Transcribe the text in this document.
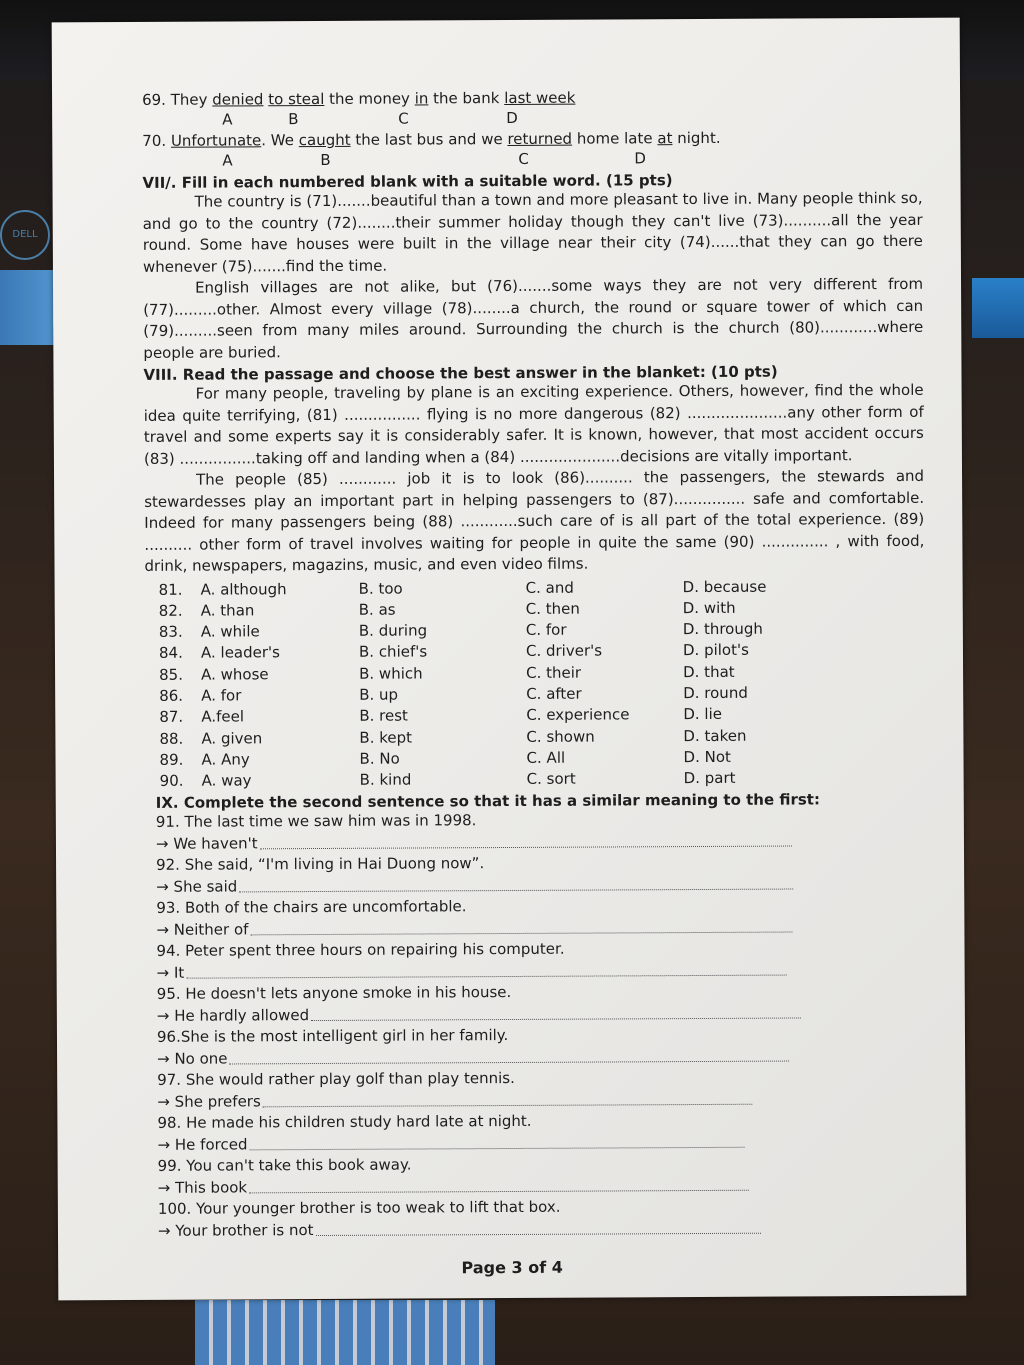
DELL
69. They denied to steal the money in the bank last week
A	B	C	D
70. Unfortunate. We caught the last bus and we returned home late at night.
A	B	C	D
VII/. Fill in each numbered blank with a suitable word. (15 pts)
The country is (71).......beautiful than a town and more pleasant to live in. Many people think so, and go to the country (72)........their summer holiday though they can't live (73)..........all the year round. Some have houses were built in the village near their city (74)......that they can go there whenever (75).......find the time.
English villages are not alike, but (76).......some ways they are not very different from (77).........other. Almost every village (78)........a church, the round or square tower of which can (79).........seen from many miles around. Surrounding the church is the church (80)............where people are buried.
VIII. Read the passage and choose the best answer in the blanket: (10 pts)
For many people, traveling by plane is an exciting experience. Others, however, find the whole idea quite terrifying, (81) ................ flying is no more dangerous (82) .....................any other form of travel and some experts say it is considerably safer. It is known, however, that most accident occurs (83) ................taking off and landing when a (84) .....................decisions are vitally important.
The people (85) ............ job it is to look (86).......... the passengers, the stewards and stewardesses play an important part in helping passengers to (87)............... safe and comfortable. Indeed for many passengers being (88) ............such care of is all part of the total experience. (89) .......... other form of travel involves waiting for people in quite the same (90) .............. , with food, drink, newspapers, magazins, music, and even video films.
81.	A. although	B. too	C. and	D. because
82.	A. than	B. as	C. then	D. with
83.	A. while	B. during	C. for	D. through
84.	A. leader's	B. chief's	C. driver's	D. pilot's
85.	A. whose	B. which	C. their	D. that
86.	A. for	B. up	C. after	D. round
87.	A.feel	B. rest	C. experience	D. lie
88.	A. given	B. kept	C. shown	D. taken
89.	A. Any	B. No	C. All	D. Not
90.	A. way	B. kind	C. sort	D. part
IX. Complete the second sentence so that it has a similar meaning to the first:
91. The last time we saw him was in 1998.
→ We haven't
92. She said, “I'm living in Hai Duong now”.
→ She said
93. Both of the chairs are uncomfortable.
→ Neither of
94. Peter spent three hours on repairing his computer.
→ It
95. He doesn't lets anyone smoke in his house.
→ He hardly allowed
96.She is the most intelligent girl in her family.
→ No one
97. She would rather play golf than play tennis.
→ She prefers
98. He made his children study hard late at night.
→ He forced
99. You can't take this book away.
→ This book
100. Your younger brother is too weak to lift that box.
→ Your brother is not
Page 3 of 4
